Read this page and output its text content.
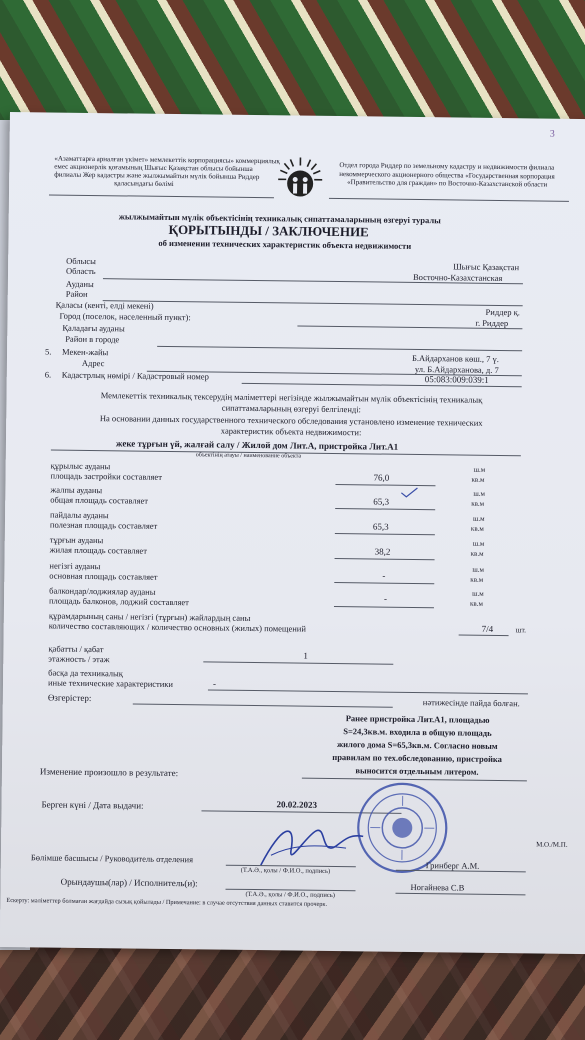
3
«Азаматтарға арналған үкімет» мемлекеттік корпорациясы» коммерциялық
емес акционерлік қоғамының Шығыс Қазақстан облысы бойынша
филиалы Жер кадастры және жылжымайтын мүлік бойынша Риддер
қаласындағы бөлімі
Отдел города Риддер по земельному кадастру и недвижимости филиала
некоммерческого акционерного общества «Государственная корпорация
«Правительство для граждан» по Восточно-Казахстанской области
жылжымайтын мүлік объектісінің техникалық сипаттамаларының өзгеруі туралы
ҚОРЫТЫНДЫ / ЗАКЛЮЧЕНИЕ
об изменении технических характеристик объекта недвижимости
Облысы
Область	Шығыс Қазақстан
Восточно-Казахстанская
Ауданы
Район
Қаласы (кенті, елді мекені)
Город (поселок, населенный пункт):	Риддер қ.
г. Риддер
Қаладағы ауданы
Район в городе
5. Мекен-жайы
Адрес	Б.Айдарханов көш., 7 ү.
ул. Б.Айдарханова, д. 7
6. Кадастрлық нөмірі / Кадастровый номер	05:083:009:039:1
Мемлекеттік техникалық тексерудің мәліметтері негізінде жылжымайтын мүлік объектісінің техникалық
сипаттамаларының өзгеруі белгіленді:
На основании данных государственного технического обследования установлено изменение технических
характеристик объекта недвижимости:
жеке тұрғын үй, жалғай салу / Жилой дом Лит.А, пристройка Лит.А1
объектінің атауы / наименование объекта
құрылыс ауданы
площадь застройки составляет	76,0
ш.м
кв.м
жалпы ауданы
общая площадь составляет	65,3
ш.м
кв.м
пайдалы ауданы
полезная площадь составляет	65,3
ш.м
кв.м
тұрғын ауданы
жилая площадь составляет	38,2
ш.м
кв.м
негізгі ауданы
основная площадь составляет	-
ш.м
кв.м
балкондар/лоджиялар ауданы
площадь балконов, лоджий составляет	-	ш.м
кв.м
құрамдарының саны / негізгі (тұрғын) жайлардың саны
количество составляющих / количество основных (жилых) помещений	7/4	шт.
қабатты / қабат
этажность / этаж	1
басқа да техникалық
иные технические характеристики	-
Өзгерістер:	нәтижесінде пайда болған.
Ранее пристройка Лит.А1, площадью
S=24,3кв.м. входила в общую площадь
жилого дома S=65,3кв.м. Согласно новым
правилам по тех.обследованию, пристройка
выносится отдельным литером.
Изменение произошло в результате:
Берген күні / Дата выдачи:	20.02.2023
М.О./М.П.
Бөлімше басшысы / Руководитель отделения
(Т.А.Ә., қолы / Ф.И.О., подпись)
Гринберг А.М.
Орындаушы(лар) / Исполнитель(и):
(Т.А.Ә., қолы / Ф.И.О., подпись)
Ногайнева С.В
Ескерту: мәліметтер болмаған жағдайда сызық қойылады / Примечание: в случае отсутствия данных ставится прочерк.
